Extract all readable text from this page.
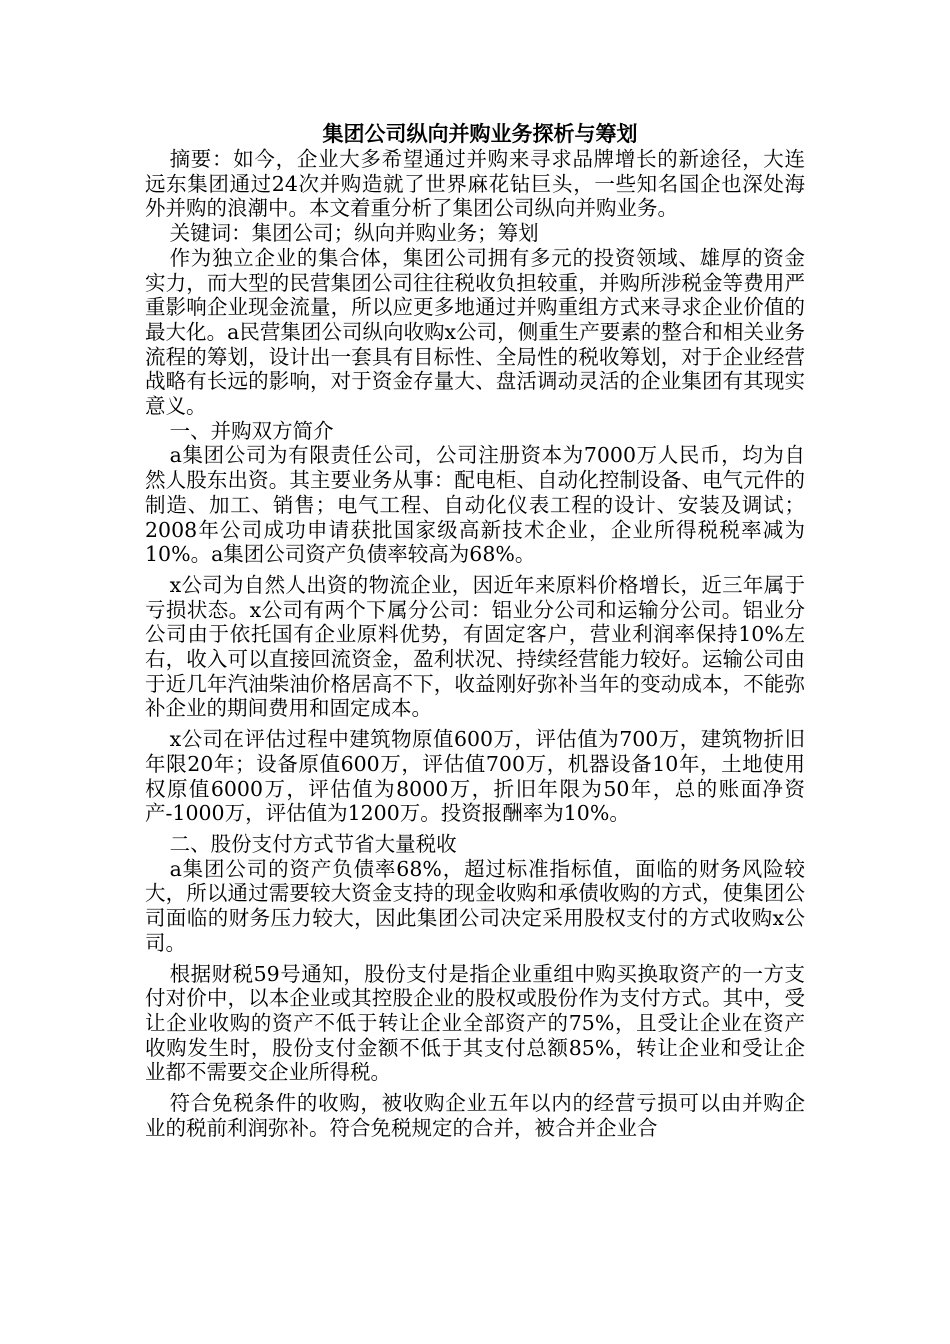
集团公司纵向并购业务探析与筹划

摘要：如今，企业大多希望通过并购来寻求品牌增长的新途径，大连远东集团通过24次并购造就了世界麻花钻巨头，一些知名国企也深处海外并购的浪潮中。本文着重分析了集团公司纵向并购业务。

关键词：集团公司；纵向并购业务；筹划

作为独立企业的集合体，集团公司拥有多元的投资领域、雄厚的资金实力，而大型的民营集团公司往往税收负担较重，并购所涉税金等费用严重影响企业现金流量，所以应更多地通过并购重组方式来寻求企业价值的最大化。a民营集团公司纵向收购x公司，侧重生产要素的整合和相关业务流程的筹划，设计出一套具有目标性、全局性的税收筹划，对于企业经营战略有长远的影响，对于资金存量大、盘活调动灵活的企业集团有其现实意义。

一、并购双方简介

a集团公司为有限责任公司，公司注册资本为7000万人民币，均为自然人股东出资。其主要业务从事：配电柜、自动化控制设备、电气元件的制造、加工、销售；电气工程、自动化仪表工程的设计、安装及调试；2008年公司成功申请获批国家级高新技术企业，企业所得税税率减为10%。a集团公司资产负债率较高为68%。

x公司为自然人出资的物流企业，因近年来原料价格增长，近三年属于亏损状态。x公司有两个下属分公司：铝业分公司和运输分公司。铝业分公司由于依托国有企业原料优势，有固定客户，营业利润率保持10%左右，收入可以直接回流资金，盈利状况、持续经营能力较好。运输公司由于近几年汽油柴油价格居高不下，收益刚好弥补当年的变动成本，不能弥补企业的期间费用和固定成本。

x公司在评估过程中建筑物原值600万，评估值为700万，建筑物折旧年限20年；设备原值600万，评估值700万，机器设备10年，土地使用权原值6000万，评估值为8000万，折旧年限为50年，总的账面净资产-1000万，评估值为1200万。投资报酬率为10%。

二、股份支付方式节省大量税收

a集团公司的资产负债率68%，超过标准指标值，面临的财务风险较大，所以通过需要较大资金支持的现金收购和承债收购的方式，使集团公司面临的财务压力较大，因此集团公司决定采用股权支付的方式收购x公司。

根据财税59号通知，股份支付是指企业重组中购买换取资产的一方支付对价中，以本企业或其控股企业的股权或股份作为支付方式。其中，受让企业收购的资产不低于转让企业全部资产的75%，且受让企业在资产收购发生时，股份支付金额不低于其支付总额85%，转让企业和受让企业都不需要交企业所得税。

符合免税条件的收购，被收购企业五年以内的经营亏损可以由并购企业的税前利润弥补。符合免税规定的合并，被合并企业合
